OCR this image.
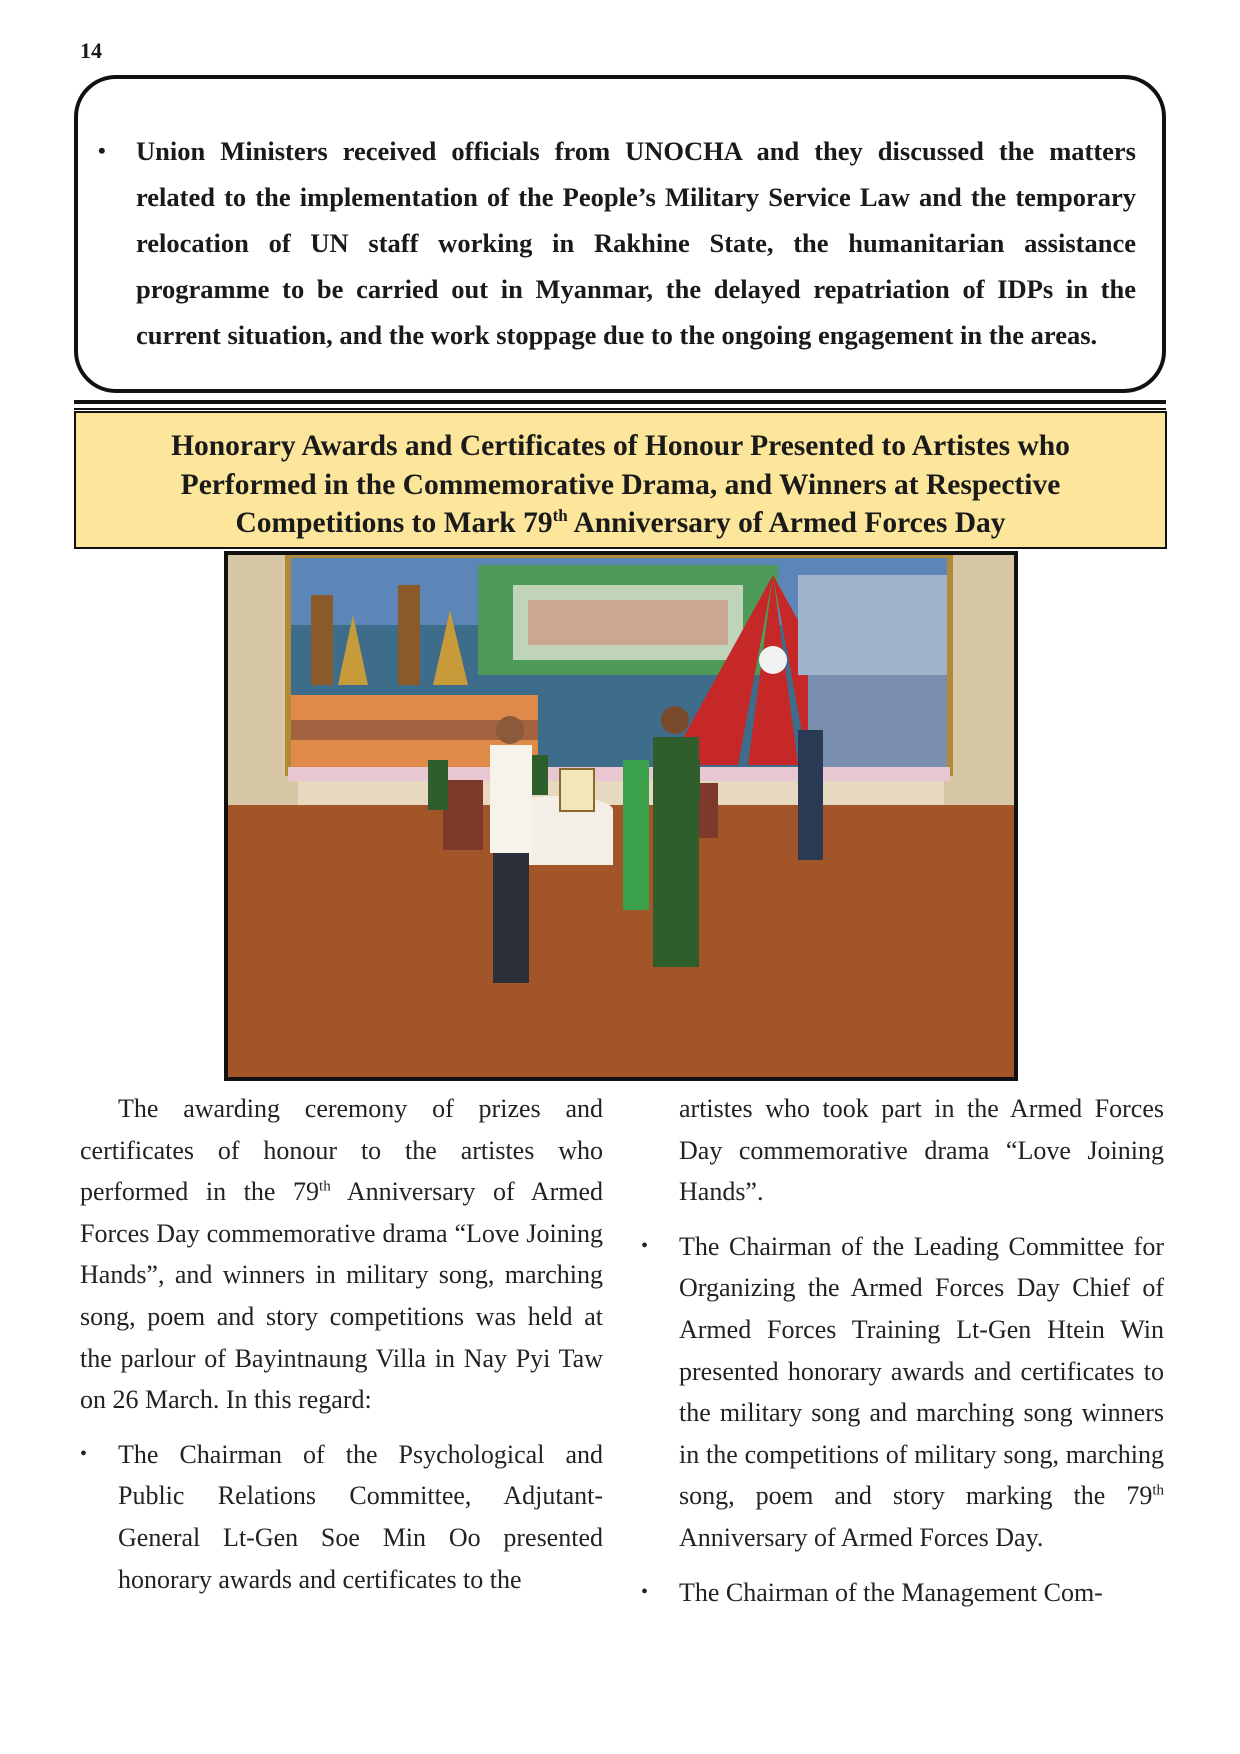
14

• Union Ministers received officials from UNOCHA and they discussed the matters related to the implementation of the People’s Military Service Law and the temporary relocation of UN staff working in Rakhine State, the humanitarian assistance programme to be carried out in Myanmar, the delayed repatriation of IDPs in the current situation, and the work stoppage due to the ongoing engagement in the areas.

Honorary Awards and Certificates of Honour Presented to Artistes who Performed in the Commemorative Drama, and Winners at Respective Competitions to Mark 79th Anniversary of Armed Forces Day

The awarding ceremony of prizes and certificates of honour to the artistes who performed in the 79th Anniversary of Armed Forces Day commemorative drama “Love Joining Hands”, and winners in military song, marching song, poem and story competitions was held at the parlour of Bayintnaung Villa in Nay Pyi Taw on 26 March. In this regard:

• The Chairman of the Psychological and Public Relations Committee, Adjutant-General Lt-Gen Soe Min Oo presented honorary awards and certificates to the

artistes who took part in the Armed Forces Day commemorative drama “Love Joining Hands”.

• The Chairman of the Leading Committee for Organizing the Armed Forces Day Chief of Armed Forces Training Lt-Gen Htein Win presented honorary awards and certificates to the military song and marching song winners in the competitions of military song, marching song, poem and story marking the 79th Anniversary of Armed Forces Day.

• The Chairman of the Management Com-
